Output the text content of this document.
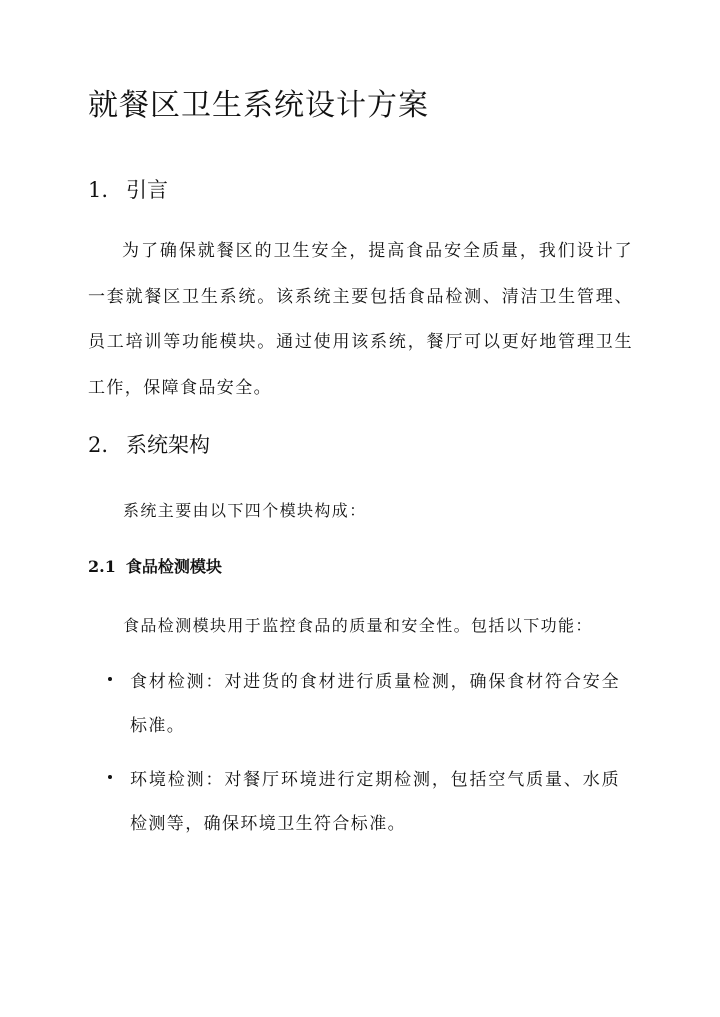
就餐区卫生系统设计方案
1. 引言

为了确保就餐区的卫生安全，提高食品安全质量，我们设计了一套就餐区卫生系统。该系统主要包括食品检测、清洁卫生管理、员工培训等功能模块。通过使用该系统，餐厅可以更好地管理卫生工作，保障食品安全。

2. 系统架构

系统主要由以下四个模块构成：

2.1 食品检测模块

食品检测模块用于监控食品的质量和安全性。包括以下功能：

食材检测：对进货的食材进行质量检测，确保食材符合安全标准。
环境检测：对餐厅环境进行定期检测，包括空气质量、水质检测等，确保环境卫生符合标准。
